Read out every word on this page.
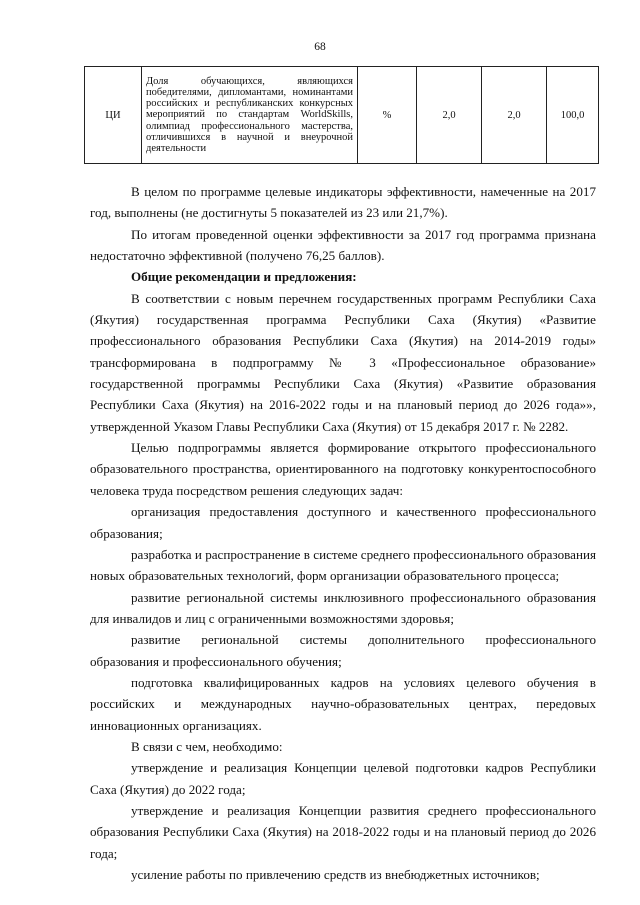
68
ЦИ	Доля обучающихся, являющихся победителями, дипломантами, номинантами российских и республиканских конкурсных мероприятий по стандартам WorldSkills, олимпиад профессионального мастерства, отличившихся в научной и внеурочной деятельности	%	2,0	2,0	100,0

В целом по программе целевые индикаторы эффективности, намеченные на 2017 год, выполнены (не достигнуты 5 показателей из 23 или 21,7%).

По итогам проведенной оценки эффективности за 2017 год программа признана недостаточно эффективной (получено 76,25 баллов).

Общие рекомендации и предложения:

В соответствии с новым перечнем государственных программ Республики Саха (Якутия) государственная программа Республики Саха (Якутия) «Развитие профессионального образования Республики Саха (Якутия) на 2014-2019 годы» трансформирована в подпрограмму № 3 «Профессиональное образование» государственной программы Республики Саха (Якутия) «Развитие образования Республики Саха (Якутия) на 2016-2022 годы и на плановый период до 2026 года»», утвержденной Указом Главы Республики Саха (Якутия) от 15 декабря 2017 г. № 2282.

Целью подпрограммы является формирование открытого профессионального образовательного пространства, ориентированного на подготовку конкурентоспособного человека труда посредством решения следующих задач:

организация предоставления доступного и качественного профессионального образования;

разработка и распространение в системе среднего профессионального образования новых образовательных технологий, форм организации образовательного процесса;

развитие региональной системы инклюзивного профессионального образования для инвалидов и лиц с ограниченными возможностями здоровья;

развитие региональной системы дополнительного профессионального образования и профессионального обучения;

подготовка квалифицированных кадров на условиях целевого обучения в российских и международных научно-образовательных центрах, передовых инновационных организациях.

В связи с чем, необходимо:

утверждение и реализация Концепции целевой подготовки кадров Республики Саха (Якутия) до 2022 года;

утверждение и реализация Концепции развития среднего профессионального образования Республики Саха (Якутия) на 2018-2022 годы и на плановый период до 2026 года;

усиление работы по привлечению средств из внебюджетных источников;
